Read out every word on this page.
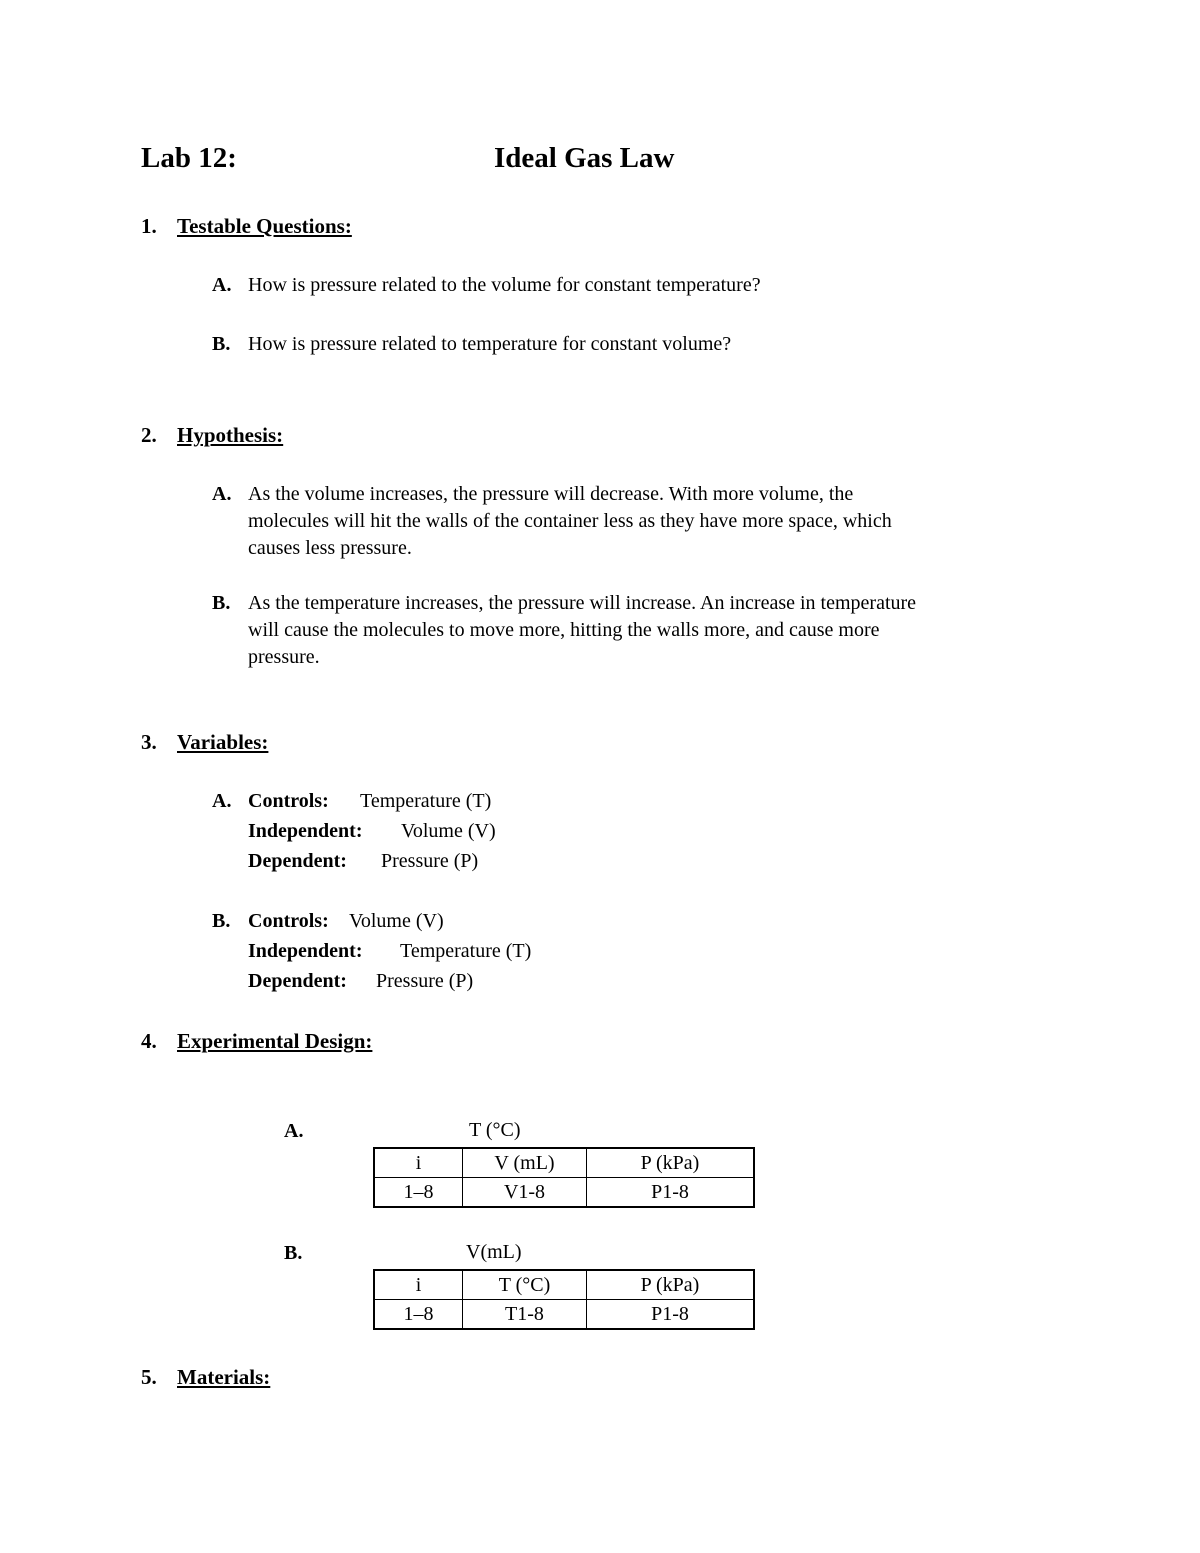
Lab 12:	Ideal Gas Law
1. Testable Questions:
A. How is pressure related to the volume for constant temperature?
B. How is pressure related to temperature for constant volume?
2. Hypothesis:
A. As the volume increases, the pressure will decrease. With more volume, the
molecules will hit the walls of the container less as they have more space, which
causes less pressure.
B. As the temperature increases, the pressure will increase. An increase in temperature
will cause the molecules to move more, hitting the walls more, and cause more
pressure.
3. Variables:
A. Controls: Temperature (T)
Independent: Volume (V)
Dependent: Pressure (P)
B. Controls: Volume (V)
Independent: Temperature (T)
Dependent: Pressure (P)
4. Experimental Design:
A.	T (°C)
i	V (mL)	P (kPa)
1–8	V1-8	P1-8
B.	V(mL)
i	T (°C)	P (kPa)
1–8	T1-8	P1-8
5. Materials:
